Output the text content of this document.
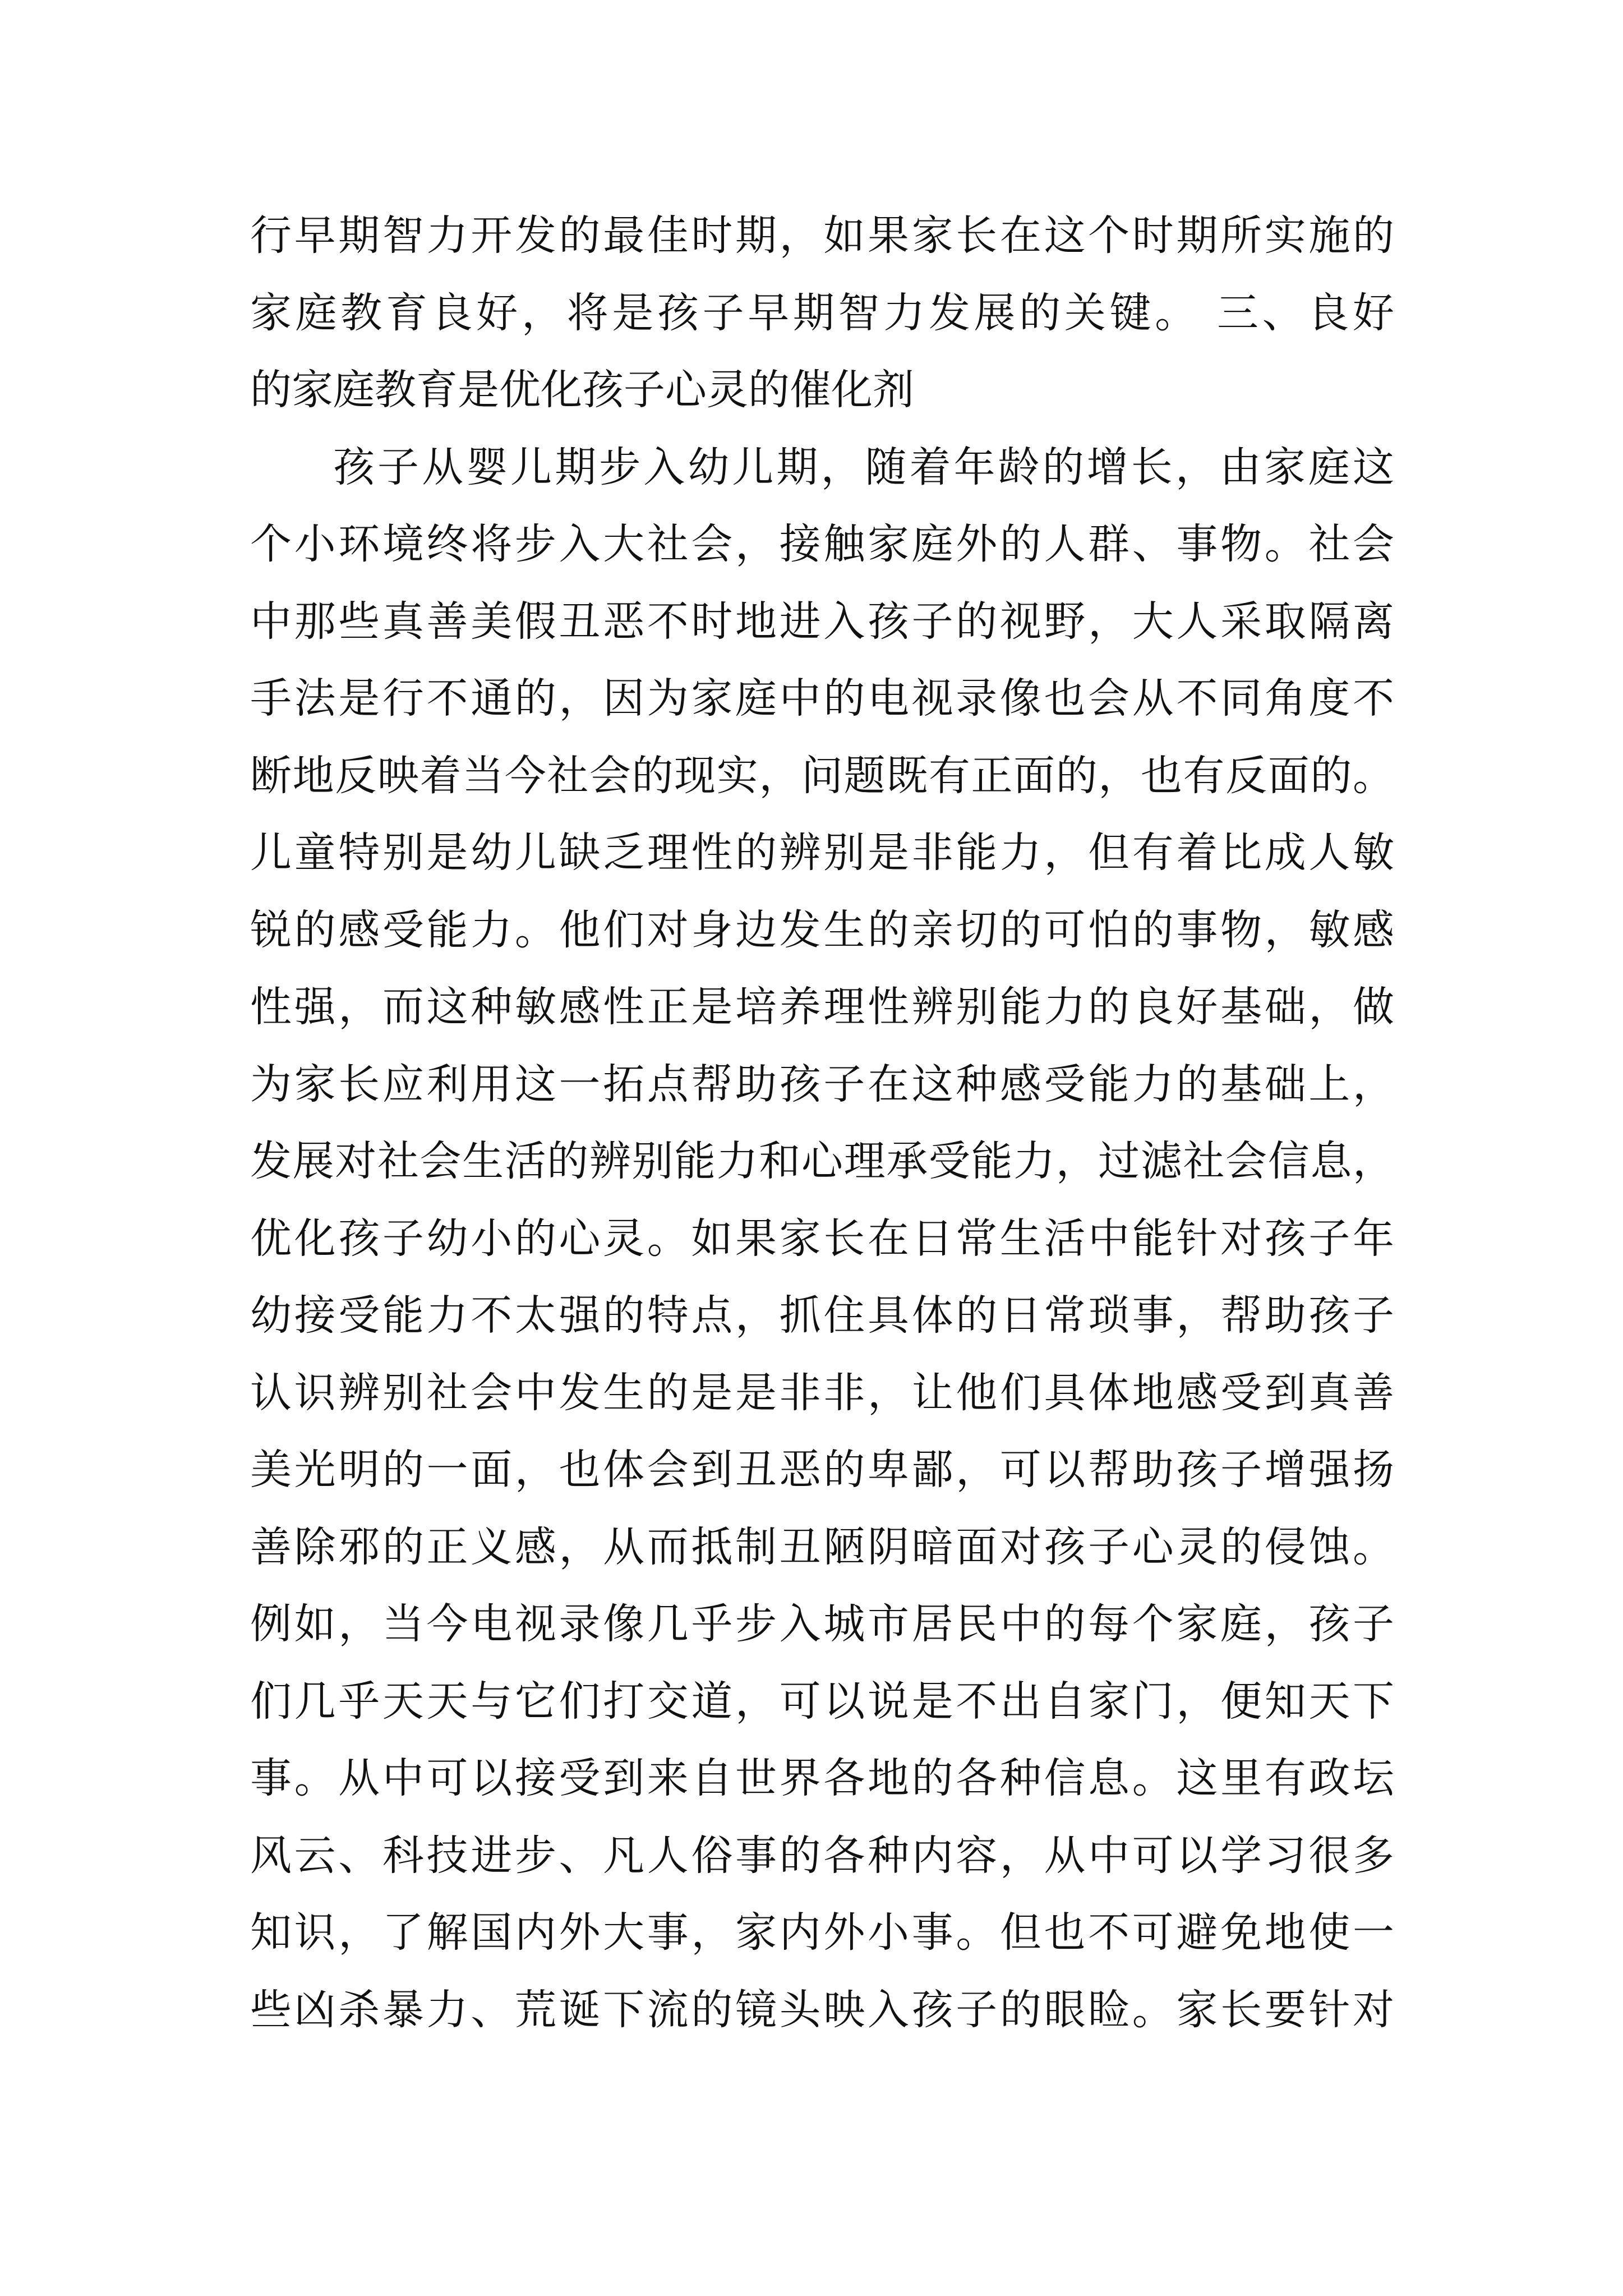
行早期智力开发的最佳时期，如果家长在这个时期所实施的
家庭教育良好，将是孩子早期智力发展的关键。 三、良好
的家庭教育是优化孩子心灵的催化剂
孩子从婴儿期步入幼儿期，随着年龄的增长，由家庭这
个小环境终将步入大社会，接触家庭外的人群、事物。社会
中那些真善美假丑恶不时地进入孩子的视野，大人采取隔离
手法是行不通的，因为家庭中的电视录像也会从不同角度不
断地反映着当今社会的现实，问题既有正面的，也有反面的。
儿童特别是幼儿缺乏理性的辨别是非能力，但有着比成人敏
锐的感受能力。他们对身边发生的亲切的可怕的事物，敏感
性强，而这种敏感性正是培养理性辨别能力的良好基础，做
为家长应利用这一拓点帮助孩子在这种感受能力的基础上，
发展对社会生活的辨别能力和心理承受能力，过滤社会信息，
优化孩子幼小的心灵。如果家长在日常生活中能针对孩子年
幼接受能力不太强的特点，抓住具体的日常琐事，帮助孩子
认识辨别社会中发生的是是非非，让他们具体地感受到真善
美光明的一面，也体会到丑恶的卑鄙，可以帮助孩子增强扬
善除邪的正义感，从而抵制丑陋阴暗面对孩子心灵的侵蚀。
例如，当今电视录像几乎步入城市居民中的每个家庭，孩子
们几乎天天与它们打交道，可以说是不出自家门，便知天下
事。从中可以接受到来自世界各地的各种信息。这里有政坛
风云、科技进步、凡人俗事的各种内容，从中可以学习很多
知识，了解国内外大事，家内外小事。但也不可避免地使一
些凶杀暴力、荒诞下流的镜头映入孩子的眼睑。家长要针对
